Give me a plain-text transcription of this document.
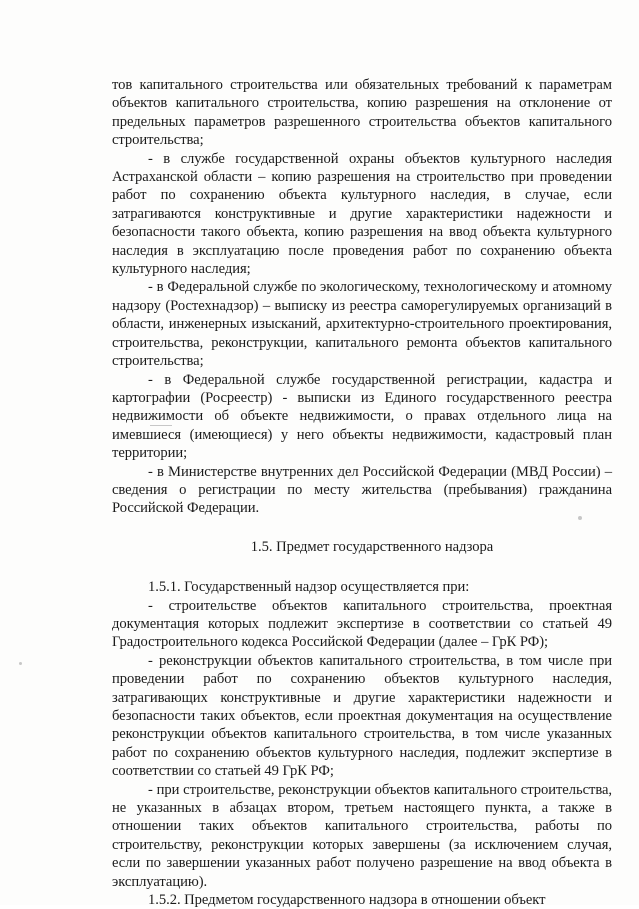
тов капитального строительства или обязательных требований к параметрам объектов капитального строительства, копию разрешения на отклонение от предельных параметров разрешенного строительства объектов капитального строительства;

- в службе государственной охраны объектов культурного наследия Астраханской области – копию разрешения на строительство при проведении работ по сохранению объекта культурного наследия, в случае, если затрагиваются конструктивные и другие характеристики надежности и безопасности такого объекта, копию разрешения на ввод объекта культурного наследия в эксплуатацию после проведения работ по сохранению объекта культурного наследия;

- в Федеральной службе по экологическому, технологическому и атомному надзору (Ростехнадзор) – выписку из реестра саморегулируемых организаций в области, инженерных изысканий, архитектурно-строительного проектирования, строительства, реконструкции, капитального ремонта объектов капитального строительства;

- в Федеральной службе государственной регистрации, кадастра и картографии (Росреестр) - выписки из Единого государственного реестра недвижимости об объекте недвижимости, о правах отдельного лица на имевшиеся (имеющиеся) у него объекты недвижимости, кадастровый план территории;

- в Министерстве внутренних дел Российской Федерации (МВД России) – сведения о регистрации по месту жительства (пребывания) гражданина Российской Федерации.

1.5. Предмет государственного надзора

1.5.1. Государственный надзор осуществляется при:

- строительстве объектов капитального строительства, проектная документация которых подлежит экспертизе в соответствии со статьей 49 Градостроительного кодекса Российской Федерации (далее – ГрК РФ);

- реконструкции объектов капитального строительства, в том числе при проведении работ по сохранению объектов культурного наследия, затрагивающих конструктивные и другие характеристики надежности и безопасности таких объектов, если проектная документация на осуществление реконструкции объектов капитального строительства, в том числе указанных работ по сохранению объектов культурного наследия, подлежит экспертизе в соответствии со статьей 49 ГрК РФ;

- при строительстве, реконструкции объектов капитального строительства, не указанных в абзацах втором, третьем настоящего пункта, а также в отношении таких объектов капитального строительства, работы по строительству, реконструкции которых завершены (за исключением случая, если по завершении указанных работ получено разрешение на ввод объекта в эксплуатацию).

1.5.2. Предметом государственного надзора в отношении объект
